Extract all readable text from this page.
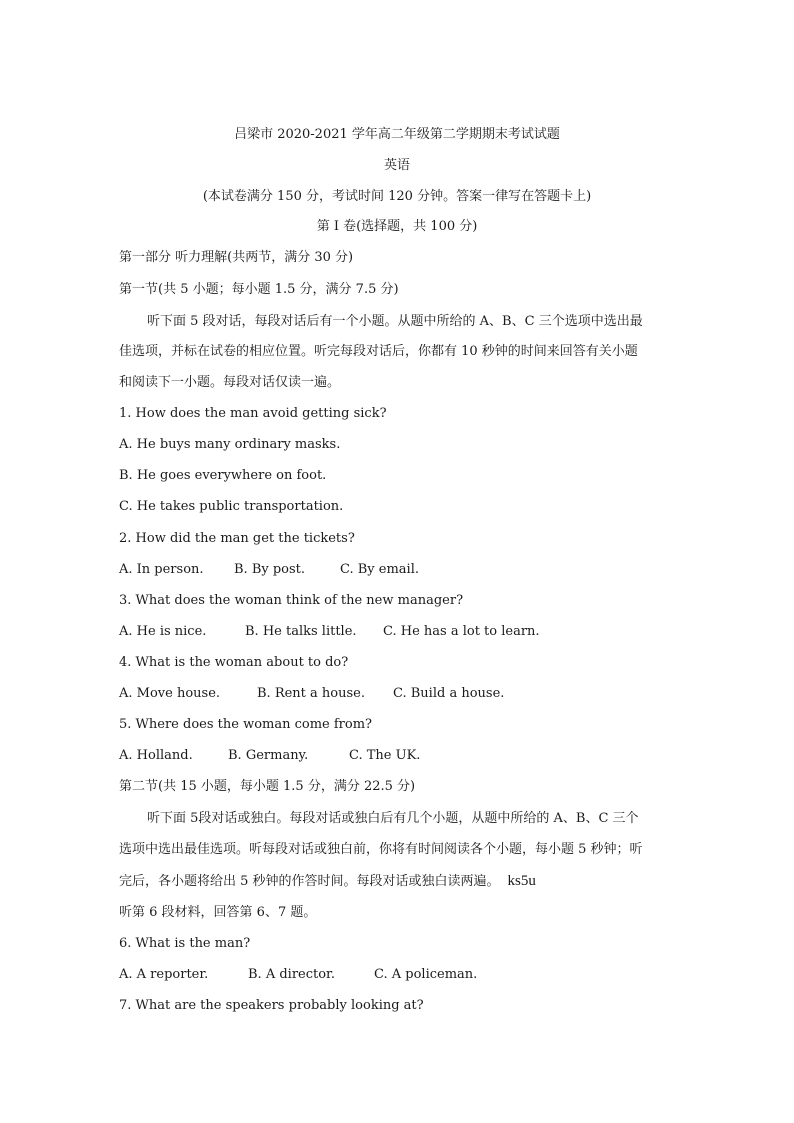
吕梁市 2020-2021 学年高二年级第二学期期末考试试题
英语
(本试卷满分 150 分，考试时间 120 分钟。答案一律写在答题卡上)
第 I 卷(选择题，共 100 分)
第一部分 听力理解(共两节，满分 30 分)
第一节(共 5 小题；每小题 1.5 分，满分 7.5 分)
听下面 5 段对话，每段对话后有一个小题。从题中所给的 A、B、C 三个选项中选出最
佳选项，并标在试卷的相应位置。听完每段对话后，你都有 10 秒钟的时间来回答有关小题
和阅读下一小题。每段对话仅读一遍。
1. How does the man avoid getting sick?
A. He buys many ordinary masks.
B. He goes everywhere on foot.
C. He takes public transportation.
2. How did the man get the tickets?
A. In person. B. By post.	C. By email.
3. What does the woman think of the new manager?
A. He is nice.	B. He talks little. C. He has a lot to learn.
4. What is the woman about to do?
A. Move house.	B. Rent a house. C. Build a house.
5. Where does the woman come from?
A. Holland.	B. Germany.	C. The UK.
第二节(共 15 小题，每小题 1.5 分，满分 22.5 分)
听下面 5段对话或独白。每段对话或独白后有几个小题，从题中所给的 A、B、C 三个
选项中选出最佳选项。听每段对话或独白前，你将有时间阅读各个小题，每小题 5 秒钟；听
完后，各小题将给出 5 秒钟的作答时间。每段对话或独白读两遍。 ks5u
听第 6 段材料，回答第 6、7 题。
6. What is the man?
A. A reporter.	B. A director.	C. A policeman.
7. What are the speakers probably looking at?
